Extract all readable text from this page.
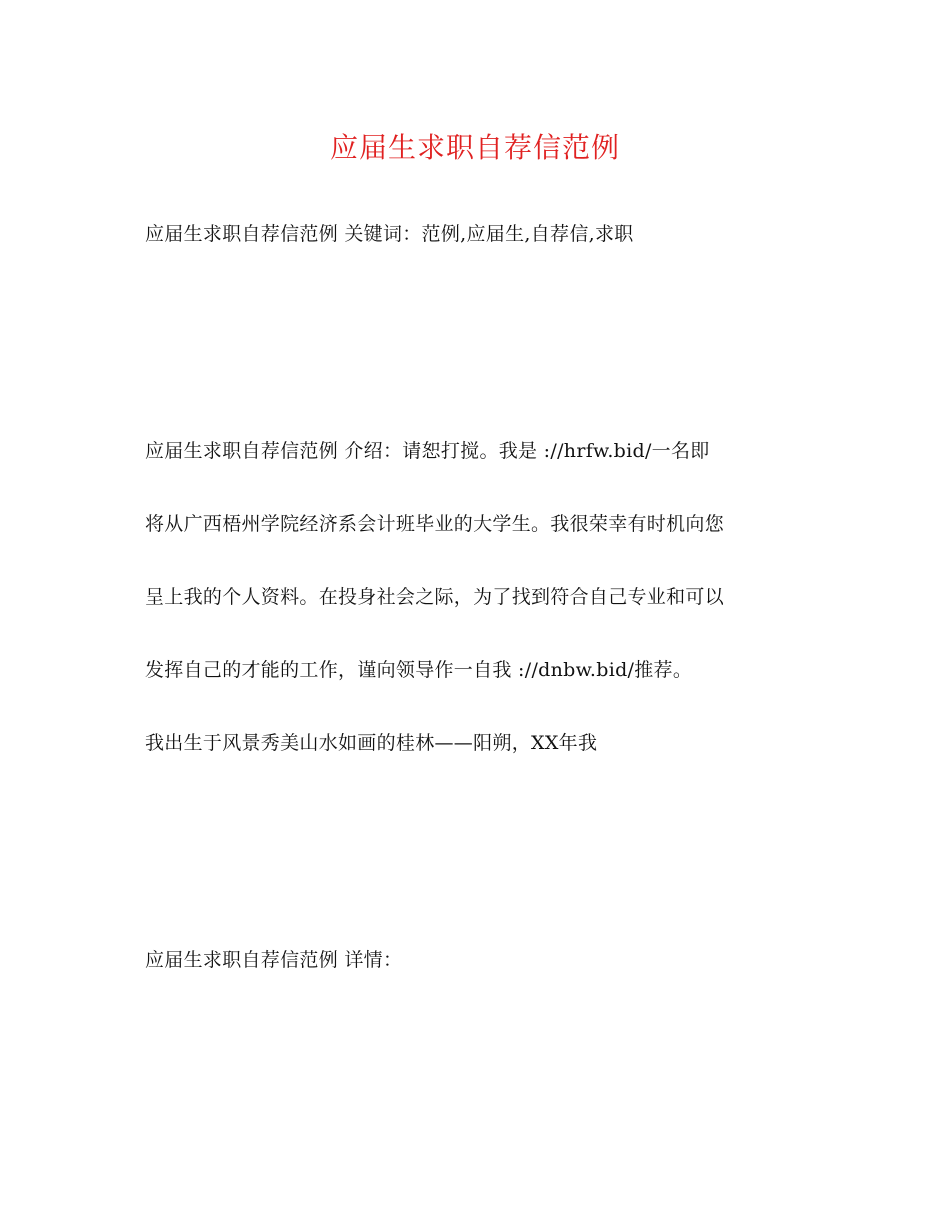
应届生求职自荐信范例
应届生求职自荐信范例 关键词：范例,应届生,自荐信,求职
应届生求职自荐信范例 介绍：请恕打搅。我是 ://hrfw.bid/一名即
将从广西梧州学院经济系会计班毕业的大学生。我很荣幸有时机向您
呈上我的个人资料。在投身社会之际，为了找到符合自己专业和可以
发挥自己的才能的工作，谨向领导作一自我 ://dnbw.bid/推荐。
我出生于风景秀美山水如画的桂林——阳朔，XX年我
应届生求职自荐信范例 详情：
